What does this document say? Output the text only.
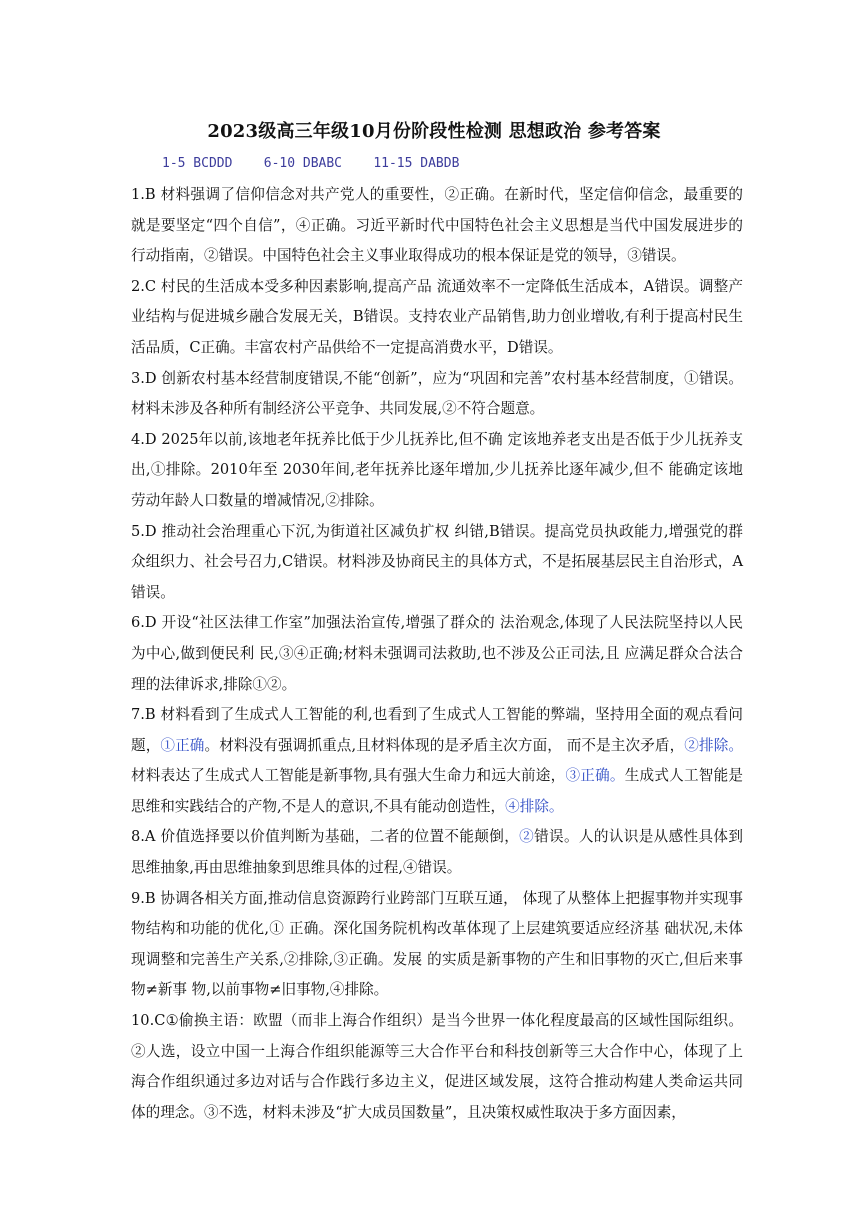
2023级高三年级10月份阶段性检测 思想政治 参考答案
1-5 BCDDD    6-10 DBABC    11-15 DABDB

1.B 材料强调了信仰信念对共产党人的重要性，②正确。在新时代，坚定信仰信念，最重要的就是要坚定“四个自信”，④正确。习近平新时代中国特色社会主义思想是当代中国发展进步的行动指南，②错误。中国特色社会主义事业取得成功的根本保证是党的领导，③错误。

2.C 村民的生活成本受多种因素影响,提高产品 流通效率不一定降低生活成本，A错误。调整产业结构与促进城乡融合发展无关，B错误。支持农业产品销售,助力创业增收,有利于提高村民生活品质，C正确。丰富农村产品供给不一定提高消费水平，D错误。

3.D 创新农村基本经营制度错误,不能“创新”，应为“巩固和完善”农村基本经营制度，①错误。材料未涉及各种所有制经济公平竞争、共同发展,②不符合题意。

4.D 2025年以前,该地老年抚养比低于少儿抚养比,但不确 定该地养老支出是否低于少儿抚养支出,①排除。2010年至 2030年间,老年抚养比逐年增加,少儿抚养比逐年减少,但不 能确定该地劳动年龄人口数量的增减情况,②排除。

5.D 推动社会治理重心下沉,为街道社区减负扩权 纠错,B错误。提高党员执政能力,增强党的群众组织力、社会号召力,C错误。材料涉及协商民主的具体方式，不是拓展基层民主自治形式，A错误。

6.D 开设“社区法律工作室”加强法治宣传,增强了群众的 法治观念,体现了人民法院坚持以人民为中心,做到便民利 民,③④正确;材料未强调司法救助,也不涉及公正司法,且 应满足群众合法合理的法律诉求,排除①②。

7.B 材料看到了生成式人工智能的利,也看到了生成式人工智能的弊端，坚持用全面的观点看问题，①正确。材料没有强调抓重点,且材料体现的是矛盾主次方面， 而不是主次矛盾，②排除。材料表达了生成式人工智能是新事物,具有强大生命力和远大前途，③正确。生成式人工智能是思维和实践结合的产物,不是人的意识,不具有能动创造性，④排除。

8.A 价值选择要以价值判断为基础，二者的位置不能颠倒，②错误。人的认识是从感性具体到思维抽象,再由思维抽象到思维具体的过程,④错误。

9.B 协调各相关方面,推动信息资源跨行业跨部门互联互通， 体现了从整体上把握事物并实现事物结构和功能的优化,① 正确。深化国务院机构改革体现了上层建筑要适应经济基 础状况,未体现调整和完善生产关系,②排除,③正确。发展 的实质是新事物的产生和旧事物的灭亡,但后来事物≠新事 物,以前事物≠旧事物,④排除。

10.C①偷换主语：欧盟（而非上海合作组织）是当今世界一体化程度最高的区域性国际组织。②人选，设立中国一上海合作组织能源等三大合作平台和科技创新等三大合作中心，体现了上海合作组织通过多边对话与合作践行多边主义，促进区域发展，这符合推动构建人类命运共同体的理念。③不选，材料未涉及“扩大成员国数量”，且决策权威性取决于多方面因素，
